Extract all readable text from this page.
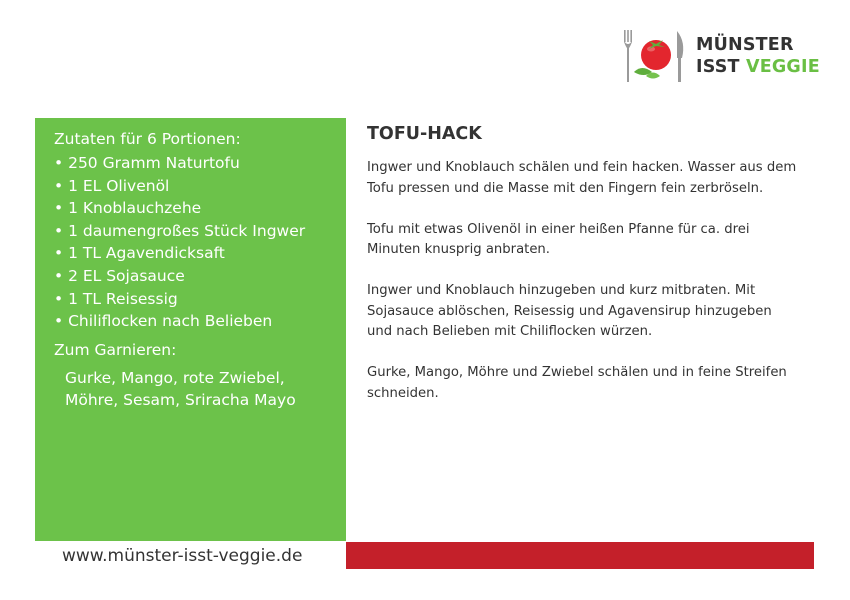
MÜNSTER
ISST VEGGIE
Zutaten für 6 Portionen:
• 250 Gramm Naturtofu
• 1 EL Olivenöl
• 1 Knoblauchzehe
• 1 daumengroßes Stück Ingwer
• 1 TL Agavendicksaft
• 2 EL Sojasauce
• 1 TL Reisessig
• Chiliflocken nach Belieben
Zum Garnieren:
Gurke, Mango, rote Zwiebel, Möhre, Sesam, Sriracha Mayo
TOFU-HACK

Ingwer und Knoblauch schälen und fein hacken. Wasser aus dem Tofu pressen und die Masse mit den Fingern fein zerbröseln.

Tofu mit etwas Olivenöl in einer heißen Pfanne für ca. drei Minuten knusprig anbraten.

Ingwer und Knoblauch hinzugeben und kurz mitbraten. Mit Sojasauce ablöschen, Reisessig und Agavensirup hinzugeben und nach Belieben mit Chiliflocken würzen.

Gurke, Mango, Möhre und Zwiebel schälen und in feine Streifen schneiden.

www.münster-isst-veggie.de
